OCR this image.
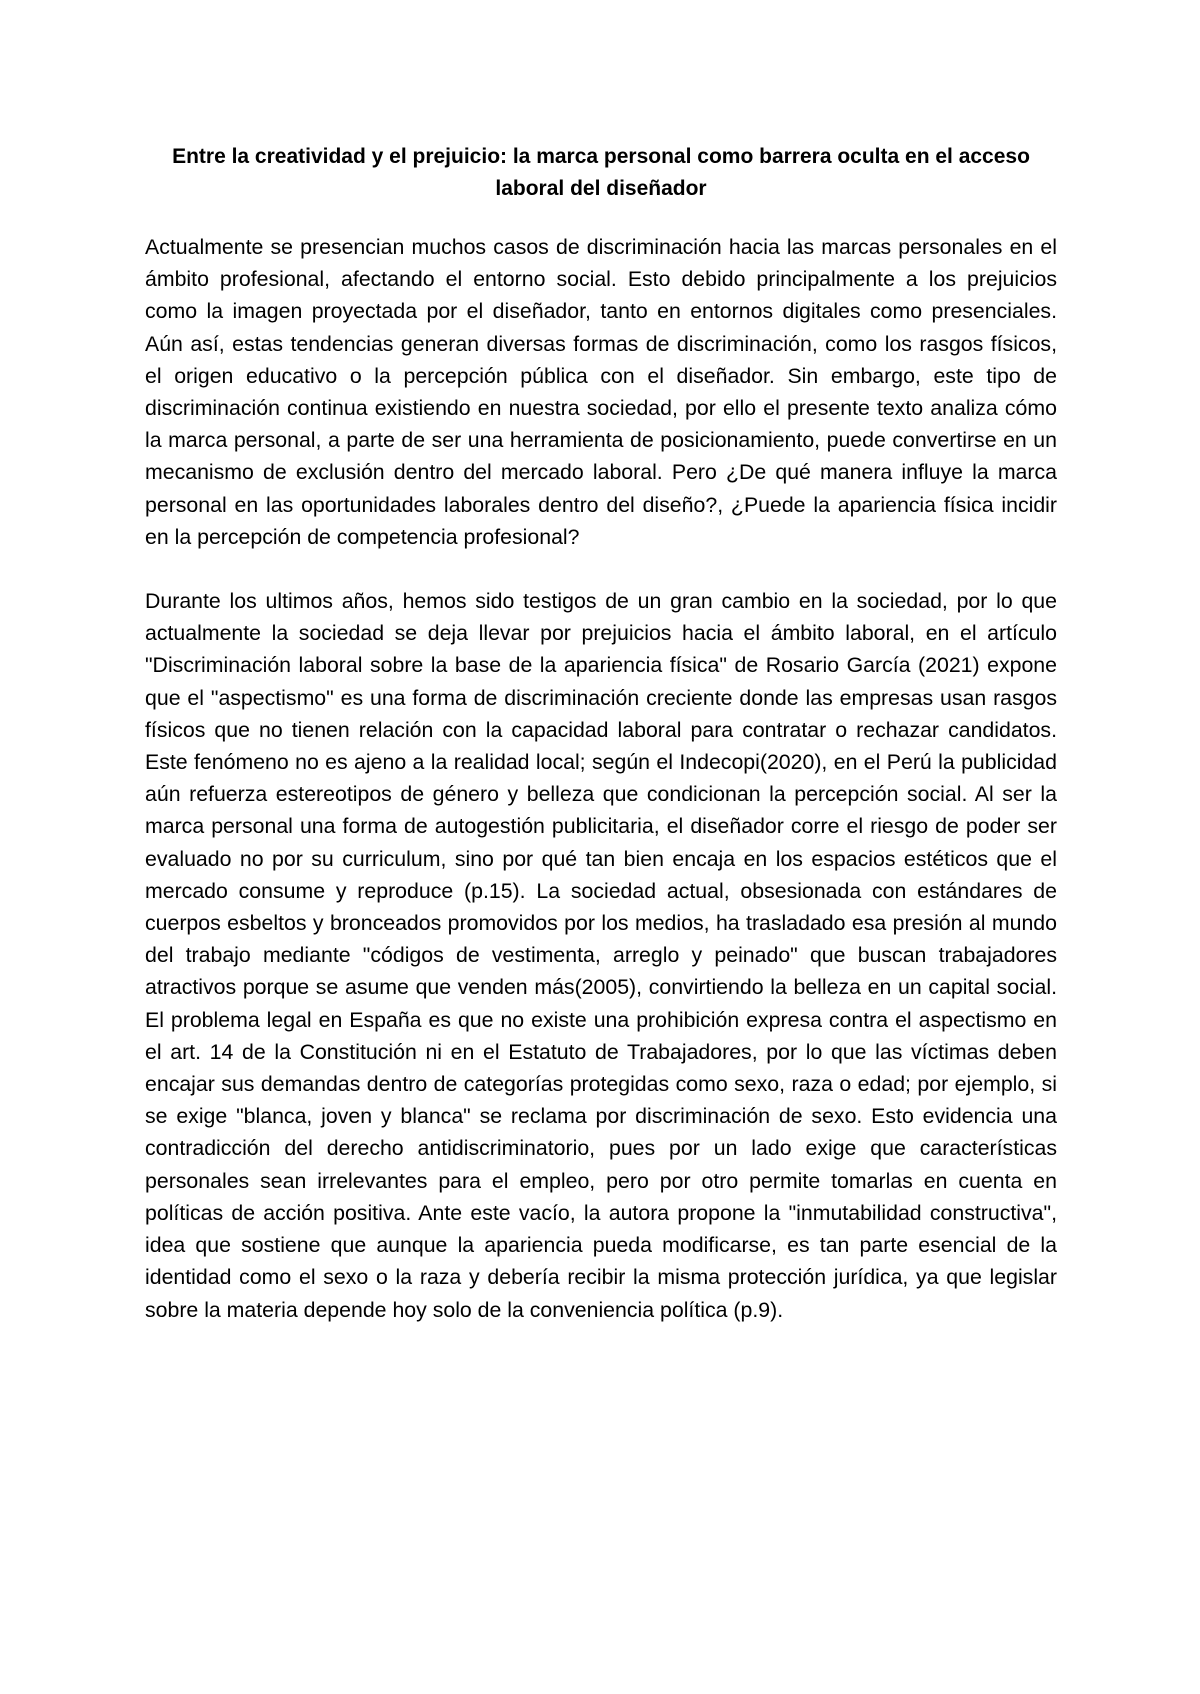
Entre la creatividad y el prejuicio: la marca personal como barrera oculta en el acceso laboral del diseñador

Actualmente se presencian muchos casos de discriminación hacia las marcas personales en el ámbito profesional, afectando el entorno social. Esto debido principalmente a los prejuicios como la imagen proyectada por el diseñador, tanto en entornos digitales como presenciales. Aún así, estas tendencias generan diversas formas de discriminación, como los rasgos físicos, el origen educativo o la percepción pública con el diseñador. Sin embargo, este tipo de discriminación continua existiendo en nuestra sociedad, por ello el presente texto analiza cómo la marca personal, a parte de ser una herramienta de posicionamiento, puede convertirse en un mecanismo de exclusión dentro del mercado laboral. Pero ¿De qué manera influye la marca personal en las oportunidades laborales dentro del diseño?, ¿Puede la apariencia física incidir en la percepción de competencia profesional?

Durante los ultimos años, hemos sido testigos de un gran cambio en la sociedad, por lo que actualmente la sociedad se deja llevar por prejuicios hacia el ámbito laboral, en el artículo "Discriminación laboral sobre la base de la apariencia física" de Rosario García (2021) expone que el "aspectismo" es una forma de discriminación creciente donde las empresas usan rasgos físicos que no tienen relación con la capacidad laboral para contratar o rechazar candidatos. Este fenómeno no es ajeno a la realidad local; según el Indecopi(2020), en el Perú la publicidad aún refuerza estereotipos de género y belleza que condicionan la percepción social. Al ser la marca personal una forma de autogestión publicitaria, el diseñador corre el riesgo de poder ser evaluado no por su curriculum, sino por qué tan bien encaja en los espacios estéticos que el mercado consume y reproduce (p.15). La sociedad actual, obsesionada con estándares de cuerpos esbeltos y bronceados promovidos por los medios, ha trasladado esa presión al mundo del trabajo mediante "códigos de vestimenta, arreglo y peinado" que buscan trabajadores atractivos porque se asume que venden más(2005), convirtiendo la belleza en un capital social. El problema legal en España es que no existe una prohibición expresa contra el aspectismo en el art. 14 de la Constitución ni en el Estatuto de Trabajadores, por lo que las víctimas deben encajar sus demandas dentro de categorías protegidas como sexo, raza o edad; por ejemplo, si se exige "blanca, joven y blanca" se reclama por discriminación de sexo. Esto evidencia una contradicción del derecho antidiscriminatorio, pues por un lado exige que características personales sean irrelevantes para el empleo, pero por otro permite tomarlas en cuenta en políticas de acción positiva. Ante este vacío, la autora propone la "inmutabilidad constructiva", idea que sostiene que aunque la apariencia pueda modificarse, es tan parte esencial de la identidad como el sexo o la raza y debería recibir la misma protección jurídica, ya que legislar sobre la materia depende hoy solo de la conveniencia política (p.9).
